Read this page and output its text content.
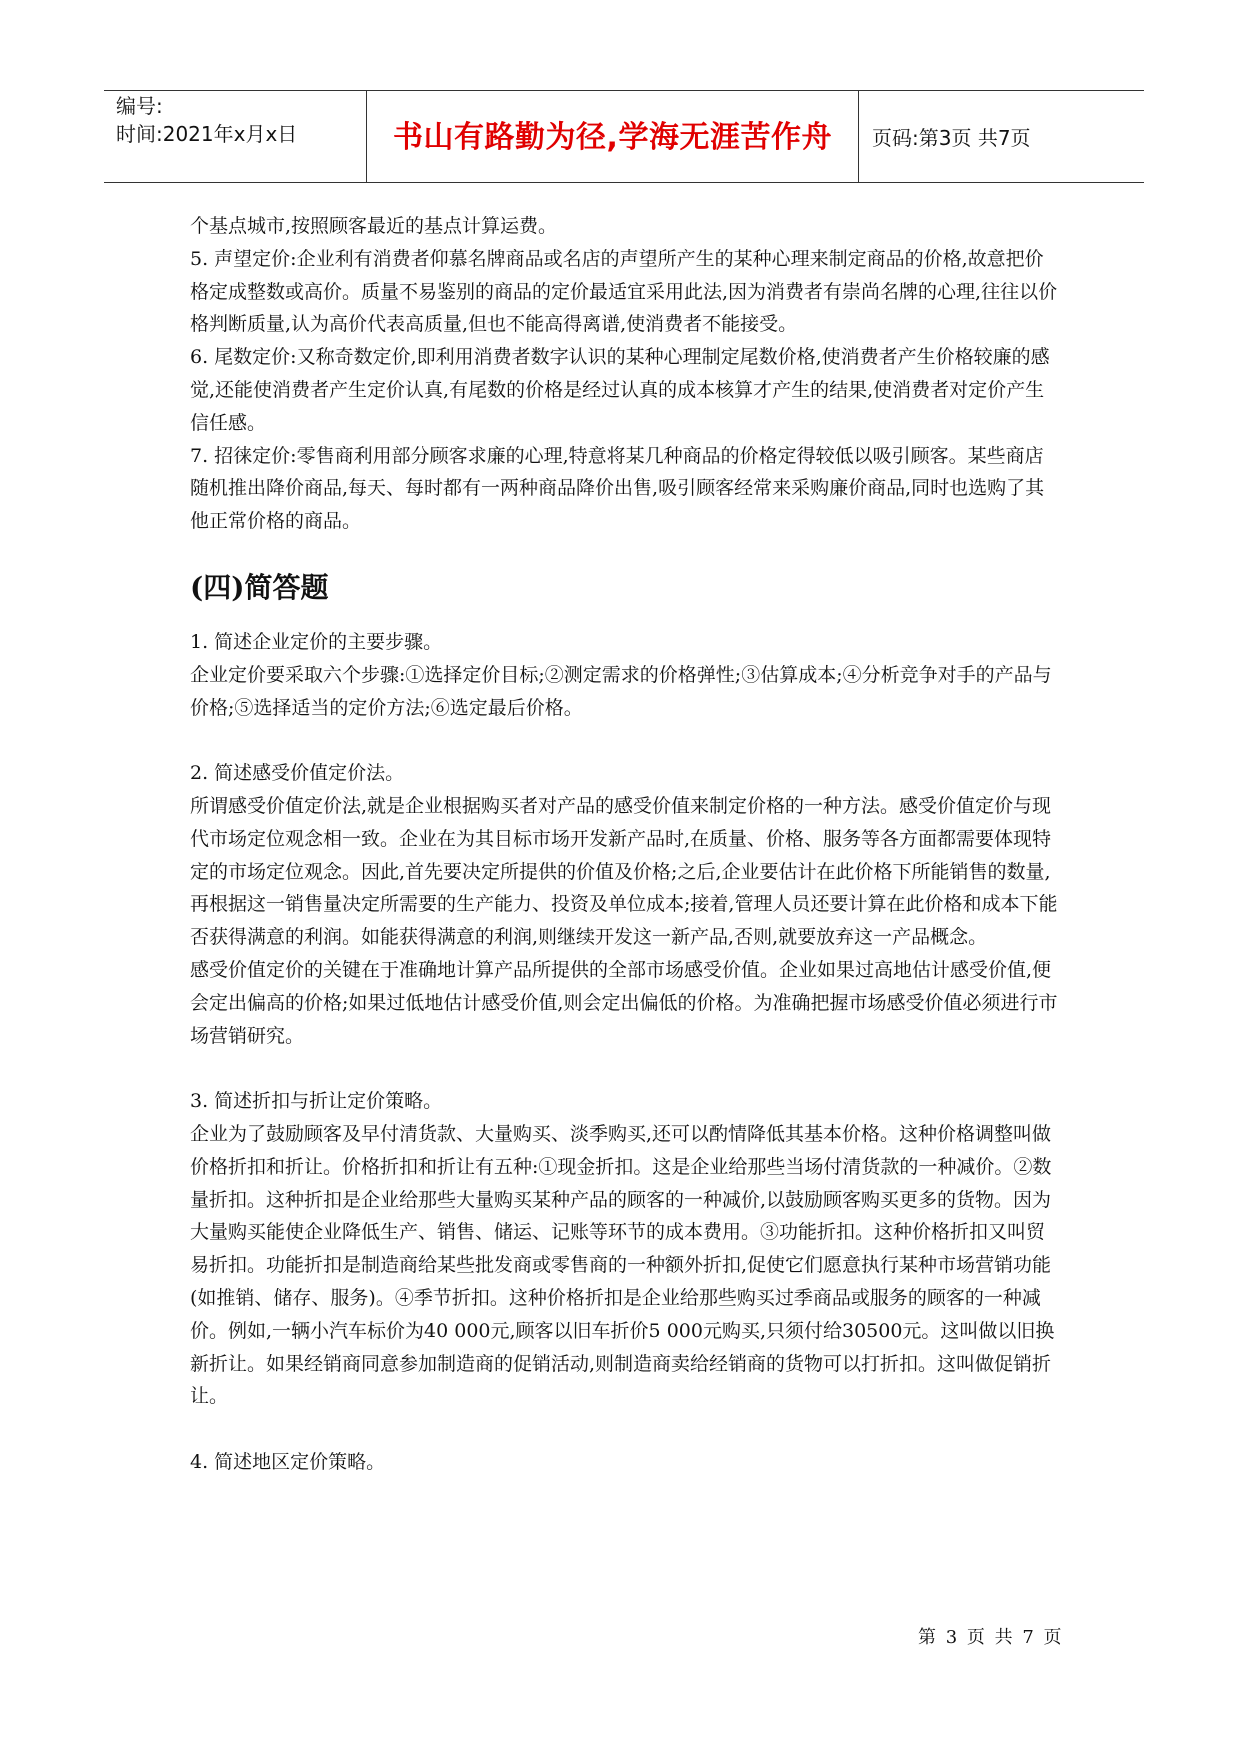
编号:
时间:2021年x月x日	书山有路勤为径,学海无涯苦作舟	页码:第3页 共7页

个基点城市,按照顾客最近的基点计算运费。

5. 声望定价:企业利有消费者仰慕名牌商品或名店的声望所产生的某种心理来制定商品的价格,故意把价格定成整数或高价。质量不易鉴别的商品的定价最适宜采用此法,因为消费者有崇尚名牌的心理,往往以价格判断质量,认为高价代表高质量,但也不能高得离谱,使消费者不能接受。

6. 尾数定价:又称奇数定价,即利用消费者数字认识的某种心理制定尾数价格,使消费者产生价格较廉的感觉,还能使消费者产生定价认真,有尾数的价格是经过认真的成本核算才产生的结果,使消费者对定价产生信任感。

7. 招徕定价:零售商利用部分顾客求廉的心理,特意将某几种商品的价格定得较低以吸引顾客。某些商店随机推出降价商品,每天、每时都有一两种商品降价出售,吸引顾客经常来采购廉价商品,同时也选购了其他正常价格的商品。

(四)简答题

1. 简述企业定价的主要步骤。

企业定价要采取六个步骤:①选择定价目标;②测定需求的价格弹性;③估算成本;④分析竞争对手的产品与价格;⑤选择适当的定价方法;⑥选定最后价格。

2. 简述感受价值定价法。

所谓感受价值定价法,就是企业根据购买者对产品的感受价值来制定价格的一种方法。感受价值定价与现代市场定位观念相一致。企业在为其目标市场开发新产品时,在质量、价格、服务等各方面都需要体现特定的市场定位观念。因此,首先要决定所提供的价值及价格;之后,企业要估计在此价格下所能销售的数量,再根据这一销售量决定所需要的生产能力、投资及单位成本;接着,管理人员还要计算在此价格和成本下能否获得满意的利润。如能获得满意的利润,则继续开发这一新产品,否则,就要放弃这一产品概念。

感受价值定价的关键在于准确地计算产品所提供的全部市场感受价值。企业如果过高地估计感受价值,便会定出偏高的价格;如果过低地估计感受价值,则会定出偏低的价格。为准确把握市场感受价值必须进行市场营销研究。

3. 简述折扣与折让定价策略。

企业为了鼓励顾客及早付清货款、大量购买、淡季购买,还可以酌情降低其基本价格。这种价格调整叫做价格折扣和折让。价格折扣和折让有五种:①现金折扣。这是企业给那些当场付清货款的一种减价。②数量折扣。这种折扣是企业给那些大量购买某种产品的顾客的一种减价,以鼓励顾客购买更多的货物。因为大量购买能使企业降低生产、销售、储运、记账等环节的成本费用。③功能折扣。这种价格折扣又叫贸易折扣。功能折扣是制造商给某些批发商或零售商的一种额外折扣,促使它们愿意执行某种市场营销功能(如推销、储存、服务)。④季节折扣。这种价格折扣是企业给那些购买过季商品或服务的顾客的一种减价。例如,一辆小汽车标价为40 000元,顾客以旧车折价5 000元购买,只须付给30500元。这叫做以旧换新折让。如果经销商同意参加制造商的促销活动,则制造商卖给经销商的货物可以打折扣。这叫做促销折让。

4. 简述地区定价策略。

第 3 页 共 7 页
